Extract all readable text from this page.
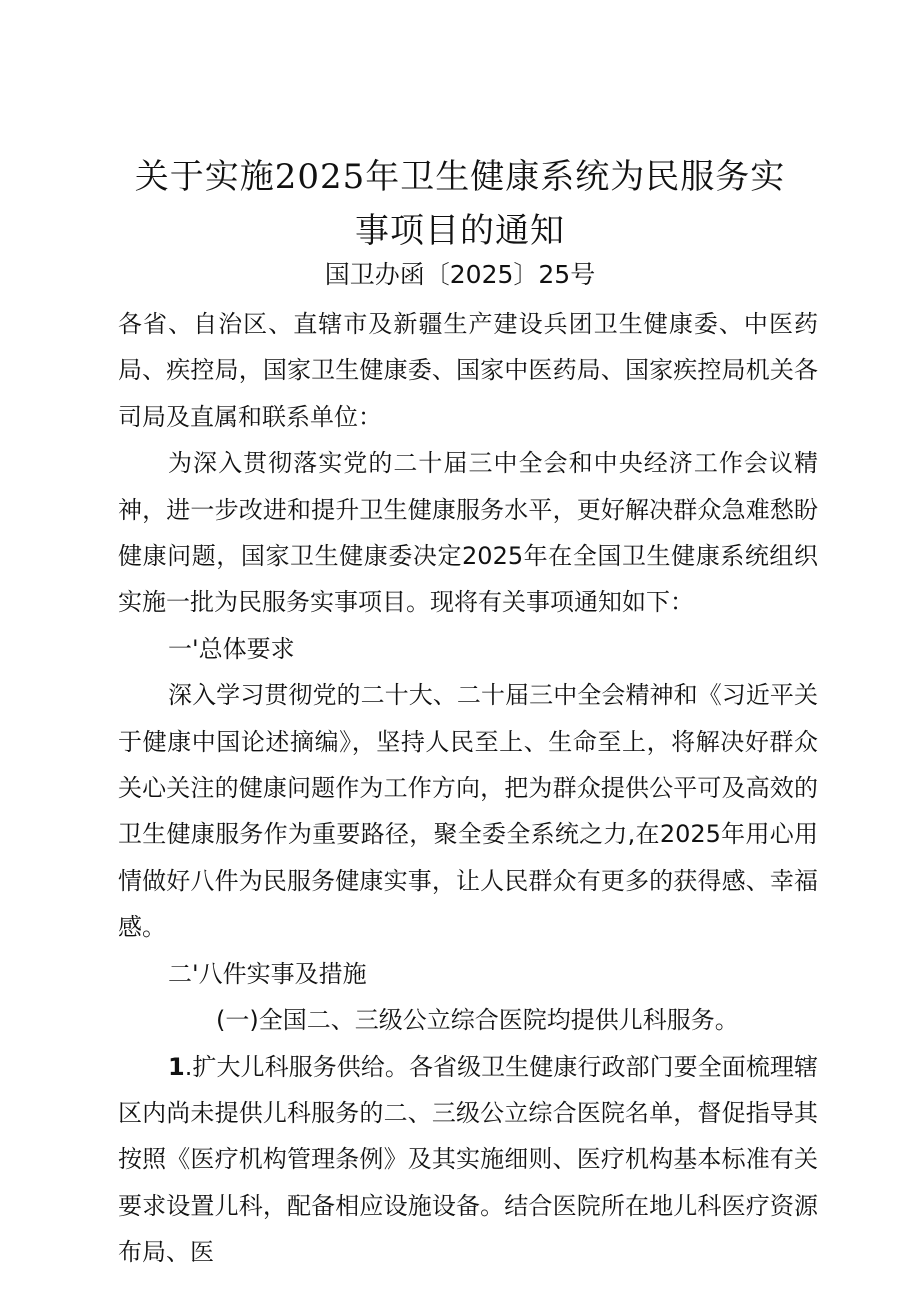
关于实施2025年卫生健康系统为民服务实事项目的通知
国卫办函〔2025〕25号

各省、自治区、直辖市及新疆生产建设兵团卫生健康委、中医药局、疾控局，国家卫生健康委、国家中医药局、国家疾控局机关各司局及直属和联系单位：

为深入贯彻落实党的二十届三中全会和中央经济工作会议精神，进一步改进和提升卫生健康服务水平，更好解决群众急难愁盼健康问题，国家卫生健康委决定2025年在全国卫生健康系统组织实施一批为民服务实事项目。现将有关事项通知如下：

一'总体要求

深入学习贯彻党的二十大、二十届三中全会精神和《习近平关于健康中国论述摘编》，坚持人民至上、生命至上，将解决好群众关心关注的健康问题作为工作方向，把为群众提供公平可及高效的卫生健康服务作为重要路径，聚全委全系统之力,在2025年用心用情做好八件为民服务健康实事，让人民群众有更多的获得感、幸福感。

二'八件实事及措施

(一)全国二、三级公立综合医院均提供儿科服务。

1.扩大儿科服务供给。各省级卫生健康行政部门要全面梳理辖区内尚未提供儿科服务的二、三级公立综合医院名单，督促指导其按照《医疗机构管理条例》及其实施细则、医疗机构基本标准有关要求设置儿科，配备相应设施设备。结合医院所在地儿科医疗资源布局、医
